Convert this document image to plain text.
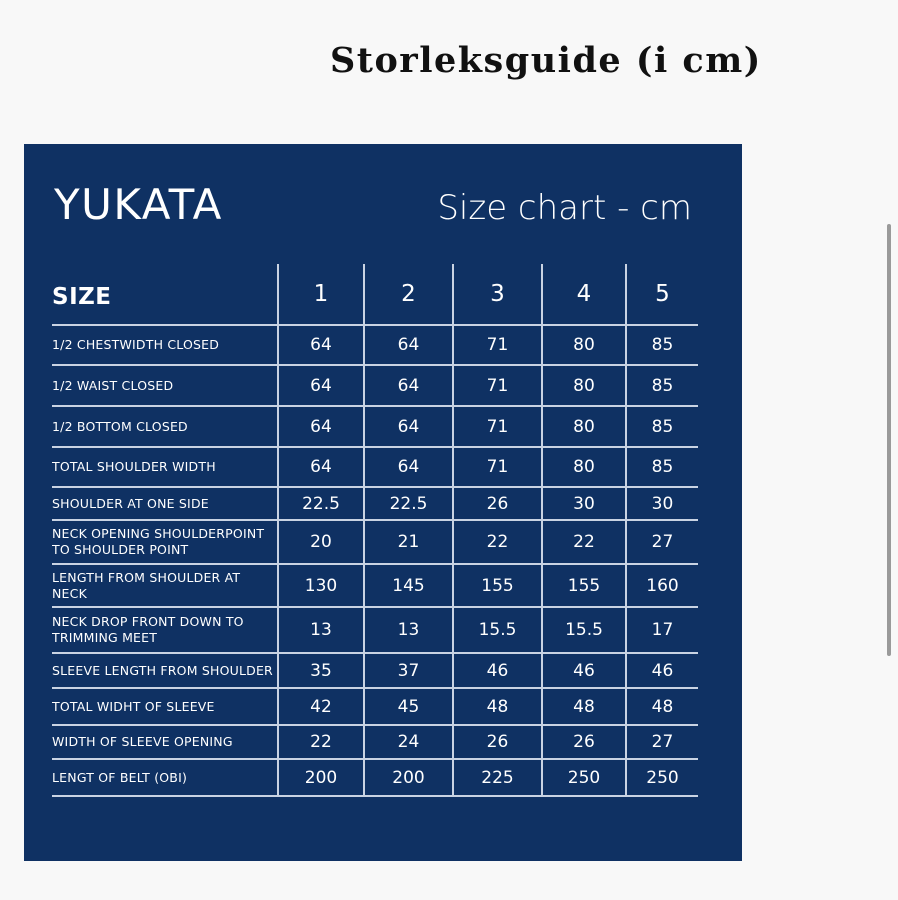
Storleksguide (i cm)
YUKATA	Size chart - cm
SIZE	1	2	3	4	5
1/2 CHESTWIDTH CLOSED	64	64	71	80	85
1/2 WAIST CLOSED	64	64	71	80	85
1/2 BOTTOM CLOSED	64	64	71	80	85
TOTAL SHOULDER WIDTH	64	64	71	80	85
SHOULDER AT ONE SIDE	22.5	22.5	26	30	30
NECK OPENING SHOULDERPOINT
TO SHOULDER POINT	20	21	22	22	27
LENGTH FROM SHOULDER AT
NECK	130	145	155	155	160
NECK DROP FRONT DOWN TO
TRIMMING MEET	13	13	15.5	15.5	17
SLEEVE LENGTH FROM SHOULDER	35	37	46	46	46
TOTAL WIDHT OF SLEEVE	42	45	48	48	48
WIDTH OF SLEEVE OPENING	22	24	26	26	27
LENGT OF BELT (OBI)	200	200	225	250	250
